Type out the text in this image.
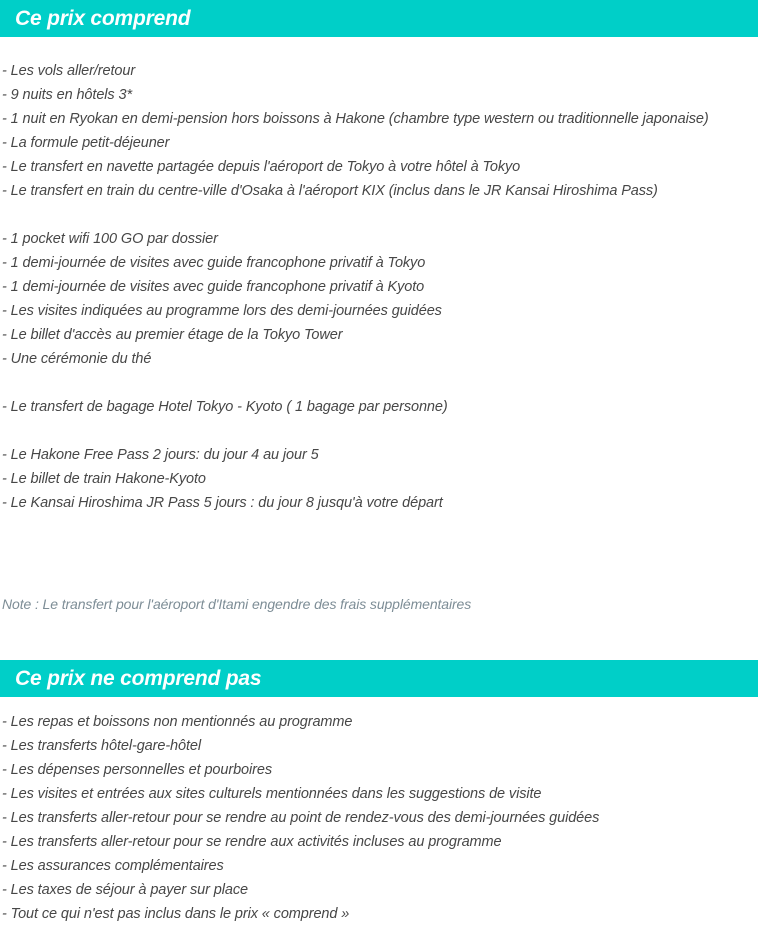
Ce prix comprend
- Les vols aller/retour
- 9 nuits en hôtels 3*
- 1 nuit en Ryokan en demi-pension hors boissons à Hakone (chambre type western ou traditionnelle japonaise)
- La formule petit-déjeuner
- Le transfert en navette partagée depuis l'aéroport de Tokyo à votre hôtel à Tokyo
- Le transfert en train du centre-ville d'Osaka à l'aéroport KIX (inclus dans le JR Kansai Hiroshima Pass)
- 1 pocket wifi 100 GO par dossier
- 1 demi-journée de visites avec guide francophone privatif à Tokyo
- 1 demi-journée de visites avec guide francophone privatif à Kyoto
- Les visites indiquées au programme lors des demi-journées guidées
- Le billet d'accès au premier étage de la Tokyo Tower
- Une cérémonie du thé
- Le transfert de bagage Hotel Tokyo - Kyoto ( 1 bagage par personne)
- Le Hakone Free Pass 2 jours: du jour 4 au jour 5
- Le billet de train Hakone-Kyoto
- Le Kansai Hiroshima JR Pass 5 jours : du jour 8 jusqu'à votre départ
Note : Le transfert pour l'aéroport d'Itami engendre des frais supplémentaires
Ce prix ne comprend pas
- Les repas et boissons non mentionnés au programme
- Les transferts hôtel-gare-hôtel
- Les dépenses personnelles et pourboires
- Les visites et entrées aux sites culturels mentionnées dans les suggestions de visite
- Les transferts aller-retour pour se rendre au point de rendez-vous des demi-journées guidées
- Les transferts aller-retour pour se rendre aux activités incluses au programme
- Les assurances complémentaires
- Les taxes de séjour à payer sur place
- Tout ce qui n'est pas inclus dans le prix « comprend »
